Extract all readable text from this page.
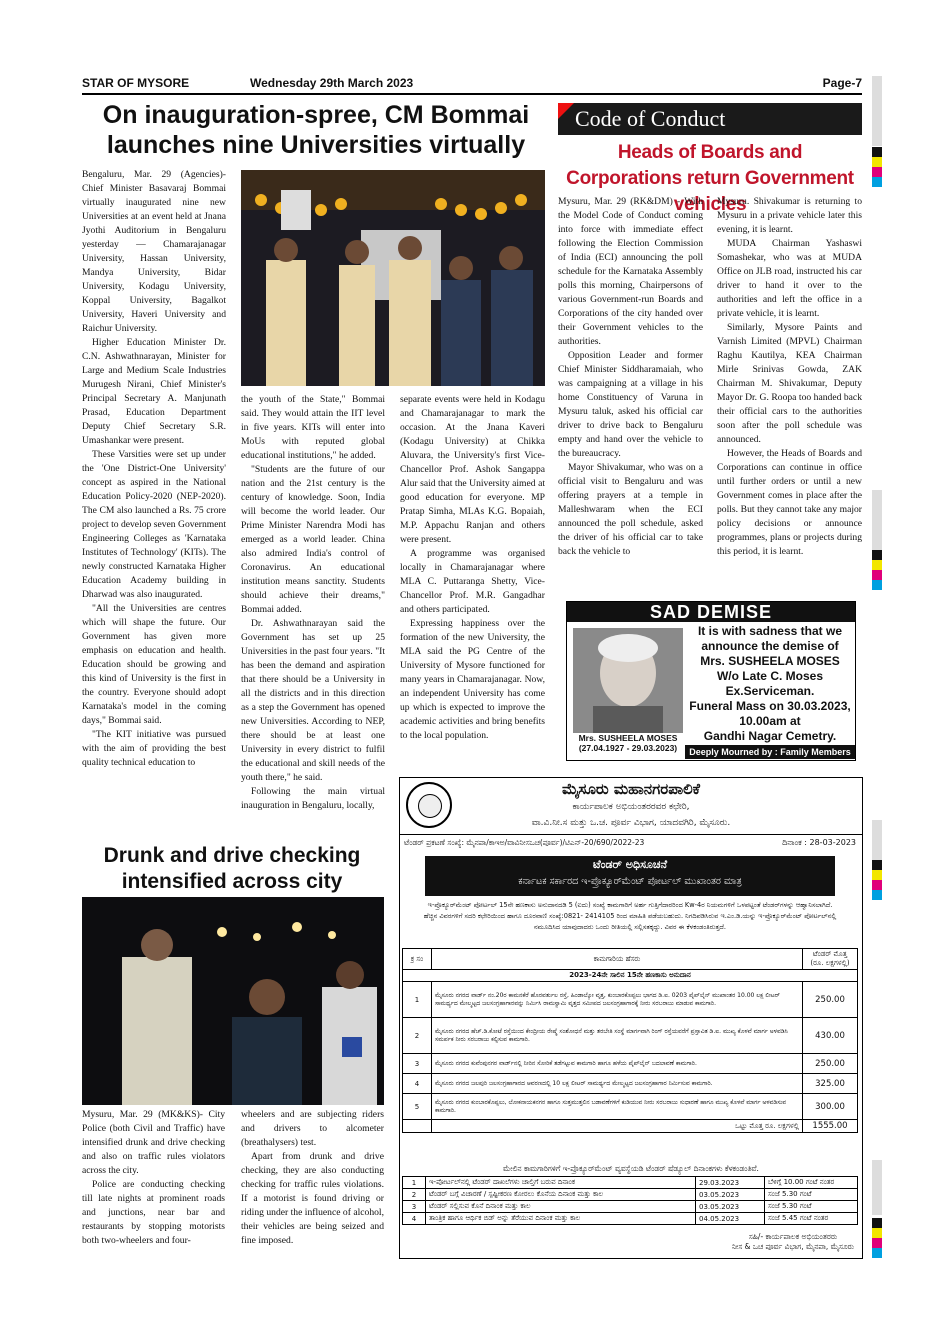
STAR OF MYSORE	Wednesday 29th March 2023	Page-7
On inauguration-spree, CM Bommai launches nine Universities virtually

Bengaluru, Mar. 29 (Agencies)- Chief Minister Basavaraj Bommai virtually inaugurated nine new Universities at an event held at Jnana Jyothi Auditorium in Bengaluru yesterday — Chamarajanagar University, Hassan University, Mandya University, Bidar University, Kodagu University, Koppal University, Bagalkot University, Haveri University and Raichur University.

Higher Education Minister Dr. C.N. Ashwathnarayan, Minister for Large and Medium Scale Industries Murugesh Nirani, Chief Minister's Principal Secretary A. Manjunath Prasad, Education Department Deputy Chief Secretary S.R. Umashankar were present.

These Varsities were set up under the 'One District-One University' concept as aspired in the National Education Policy-2020 (NEP-2020). The CM also launched a Rs. 75 crore project to develop seven Government Engineering Colleges as 'Karnataka Institutes of Technology' (KITs). The newly constructed Karnataka Higher Education Academy building in Dharwad was also inaugurated.

"All the Universities are centres which will shape the future. Our Government has given more emphasis on education and health. Education should be growing and this kind of University is the first in the country. Everyone should adopt Karnataka's model in the coming days," Bommai said.

"The KIT initiative was pursued with the aim of providing the best quality technical education to

the youth of the State," Bommai said. They would attain the IIT level in five years. KITs will enter into MoUs with reputed global educational institutions," he added.

"Students are the future of our nation and the 21st century is the century of knowledge. Soon, India will become the world leader. Our Prime Minister Narendra Modi has emerged as a world leader. China also admired India's control of Coronavirus. An educational institution means sanctity. Students should achieve their dreams," Bommai added.

Dr. Ashwathnarayan said the Government has set up 25 Universities in the past four years. "It has been the demand and aspiration that there should be a University in all the districts and in this direction as a step the Government has opened new Universities. According to NEP, there should be at least one University in every district to fulfil the educational and skill needs of the youth there," he said.

Following the main virtual inauguration in Bengaluru, locally,

separate events were held in Kodagu and Chamarajanagar to mark the occasion. At the Jnana Kaveri (Kodagu University) at Chikka Aluvara, the University's first Vice-Chancellor Prof. Ashok Sangappa Alur said that the University aimed at good education for everyone. MP Pratap Simha, MLAs K.G. Bopaiah, M.P. Appachu Ranjan and others were present.

A programme was organised locally in Chamarajanagar where MLA C. Puttaranga Shetty, Vice-Chancellor Prof. M.R. Gangadhar and others participated.

Expressing happiness over the formation of the new University, the MLA said the PG Centre of the University of Mysore functioned for many years in Chamarajanagar. Now, an independent University has come up which is expected to improve the academic activities and bring benefits to the local population.

Code of Conduct
Heads of Boards and Corporations return Government vehicles

Mysuru, Mar. 29 (RK&DM) - With the Model Code of Conduct coming into force with immediate effect following the Election Commission of India (ECI) announcing the poll schedule for the Karnataka Assembly polls this morning, Chairpersons of various Government-run Boards and Corporations of the city handed over their Government vehicles to the authorities.

Opposition Leader and former Chief Minister Siddharamaiah, who was campaigning at a village in his home Constituency of Varuna in Mysuru taluk, asked his official car driver to drive back to Bengaluru empty and hand over the vehicle to the bureaucracy.

Mayor Shivakumar, who was on a official visit to Bengaluru and was offering prayers at a temple in Malleshwaram when the ECI announced the poll schedule, asked the driver of his official car to take back the vehicle to

Mysuru. Shivakumar is returning to Mysuru in a private vehicle later this evening, it is learnt.

MUDA Chairman Yashaswi Somashekar, who was at MUDA Office on JLB road, instructed his car driver to hand it over to the authorities and left the office in a private vehicle, it is learnt.

Similarly, Mysore Paints and Varnish Limited (MPVL) Chairman Raghu Kautilya, KEA Chairman Mirle Srinivas Gowda, ZAK Chairman M. Shivakumar, Deputy Mayor Dr. G. Roopa too handed back their official cars to the authorities soon after the poll schedule was announced.

However, the Heads of Boards and Corporations can continue in office until further orders or until a new Government comes in place after the polls. But they cannot take any major policy decisions or announce programmes, plans or projects during this period, it is learnt.

SAD DEMISE
Mrs. SUSHEELA MOSES
(27.04.1927 - 29.03.2023)
It is with sadness that we
announce the demise of
Mrs. SUSHEELA MOSES
W/o Late C. Moses
Ex.Serviceman.
Funeral Mass on 30.03.2023,
10.00am at
Gandhi Nagar Cemetry.
Deeply Mourned by : Family Members
Drunk and drive checking intensified across city

Mysuru, Mar. 29 (MK&KS)- City Police (both Civil and Traffic) have intensified drunk and drive checking and also on traffic rules violators across the city.

Police are conducting checking till late nights at prominent roads and junctions, near bar and restaurants by stopping motorists both two-wheelers and four-

wheelers and are subjecting riders and drivers to alcometer (breathalysers) test.

Apart from drunk and drive checking, they are also conducting checking for traffic rules violations. If a motorist is found driving or riding under the influence of alcohol, their vehicles are being seized and fine imposed.

ಮೈಸೂರು ಮಹಾನಗರಪಾಲಿಕೆ
ಕಾರ್ಯಪಾಲಕ ಅಭಿಯಂತರರವರ ಕಛೇರಿ,
ವಾ.ವಿ.ನೀ.ಸ ಮತ್ತು ಒ.ಚ. ಪೂರ್ವ ವಿಭಾಗ, ಯಾದವಗಿರಿ, ಮೈಸೂರು.
ಟೆಂಡರ್ ಪ್ರಕಟಣೆ ಸಂಖ್ಯೆ: ಮೈನಪಾ/ಕಾಇಅ/ವಾವಿನೀಸಒಚ(ಪೂರ್ವ)/ಟಿಎನ್-20/690/2022-23	ದಿನಾಂಕ : 28-03-2023
ಟೆಂಡರ್ ಅಧಿಸೂಚನೆ
ಕರ್ನಾಟಕ ಸರ್ಕಾರದ ಇ-ಪ್ರೊಕ್ಯೂರ್‌ಮೆಂಟ್ ಪೋರ್ಟಲ್ ಮುಖಾಂತರ ಮಾತ್ರ
ಇ-ಪ್ರೊಕ್ಯೂರ್‌ಮೆಂಟ್ ಪೋರ್ಟಲ್ 15ನೇ ಹಣಕಾಸು ಅನುದಾನದಡಿ 5 (ಐದು) ಸಂಖ್ಯೆ ಕಾಮಗಾರಿಗೆ ಅರ್ಹ ಗುತ್ತಿಗೆದಾರರಿಂದ Kw-4ರ ನಿಯಮಗಳಿಗೆ ಒಳಪಟ್ಟಂತೆ ಟೆಂಡರ್‌ಗಳನ್ನು ಆಹ್ವಾನಿಸಲಾಗಿದೆ. ಹೆಚ್ಚಿನ ವಿವರಗಳಿಗೆ ಸದರಿ ಕಛೇರಿಯಿಂದ ಹಾಗೂ ದೂರವಾಣಿ ಸಂಖ್ಯೆ:0821- 2414105 ರಿಂದ ಮಾಹಿತಿ ಪಡೆಯಬಹುದು. ನಿಗದಿಪಡಿಸಿರುವ ಇ.ಎಂ.ಡಿ.ಯನ್ನು ಇ-ಪ್ರೊಕ್ಯೂರ್‌ಮೆಂಟ್ ಪೋರ್ಟಲ್‌ನಲ್ಲಿ ನಮೂದಿಸಿದ ಯಾವುದಾದರು ಒಂದು ರೀತಿಯಲ್ಲಿ ಸಲ್ಲಿಸತಕ್ಕದ್ದು. ವಿವರ ಈ ಕೆಳಕಂಡಂತಿರುತ್ತದೆ.
ಕ್ರ ಸಂ	ಕಾಮಗಾರಿಯ ಹೆಸರು	ಟೆಂಡರ್ ಮೊತ್ತ (ರೂ. ಲಕ್ಷಗಳಲ್ಲಿ)
2023-24ನೇ ಸಾಲಿನ 15ನೇ ಹಣಕಾಸು ಅನುದಾನ		
1	ಮೈಸೂರು ನಗರದ ವಾರ್ಡ್ ನಂ.20ರ ಕಾಮನಕೆರೆ ಹೊರವರ್ತುಲ ರಸ್ತೆ, ಹಿಂಡಾಲ್ಕೋ ವೃತ್ತ, ಕುಂಬಾರಕೊಪ್ಪಲು ಭಾಗದ ಡಿ.ಐ. 0203 ಪೈಪ್‌ಲೈನ್ ಮುಖಾಂತರ 10.00 ಲಕ್ಷ ಲೀಟರ್ ಸಾಮರ್ಥ್ಯದ ಮೇಲ್ಮಟ್ಟದ ಜಲಸಂಗ್ರಹಾಗಾರವನ್ನು ನಿರ್ಮಿಸಿ ರಾಮಸ್ವಾಮಿ ವೃತ್ತದ ಸಮೀಪದ ಜಲಸಂಗ್ರಹಾಗಾರಕ್ಕೆ ನೀರು ಸರಬರಾಜು ಮಾಡುವ ಕಾಮಗಾರಿ.	250.00
2	ಮೈಸೂರು ನಗರದ ಹೆಚ್.ಡಿ.ಕೋಟೆ ರಸ್ತೆಯಿಂದ ಕೇಂದ್ರೀಯ ರೇಷ್ಮೆ ಸಂಶೋಧನೆ ಮತ್ತು ತರಬೇತಿ ಸಂಸ್ಥೆ ಮಾರ್ಗವಾಗಿ ರಿಂಗ್ ರಸ್ತೆಯವರೆಗೆ ಪ್ರಸ್ತಾವಿತ ಡಿ.ಐ. ಮುಖ್ಯ ಕೊಳವೆ ಮಾರ್ಗ ಅಳವಡಿಸಿ ಸಮರ್ಪಕ ನೀರು ಸರಬರಾಜು ಕಲ್ಪಿಸುವ ಕಾಮಗಾರಿ.	430.00
3	ಮೈಸೂರು ನಗರದ ಕುವೆಂಪುನಗರ ವಾರ್ಡ್‌ನಲ್ಲಿ ನೀರಿನ ಸೋರಿಕೆ ತಡೆಗಟ್ಟುವ ಕಾಮಗಾರಿ ಹಾಗೂ ಹಳೆಯ ಪೈಪ್‌ಲೈನ್ ಬದಲಾವಣೆ ಕಾಮಗಾರಿ.	250.00
4	ಮೈಸೂರು ನಗರದ ಜಲಪುರಿ ಜಲಸಂಗ್ರಹಾಗಾರದ ಆವರಣದಲ್ಲಿ 10 ಲಕ್ಷ ಲೀಟರ್ ಸಾಮರ್ಥ್ಯದ ಮೇಲ್ಮಟ್ಟದ ಜಲಸಂಗ್ರಹಾಗಾರ ನಿರ್ಮಿಸುವ ಕಾಮಗಾರಿ.	325.00
5	ಮೈಸೂರು ನಗರದ ಕುಂಬಾರಕೊಪ್ಪಲು, ಲೋಕನಾಯಕನಗರ ಹಾಗೂ ಸುತ್ತಮುತ್ತಲಿನ ಬಡಾವಣೆಗಳಿಗೆ ಕುಡಿಯುವ ನೀರು ಸರಬರಾಜು ಸುಧಾರಣೆ ಹಾಗೂ ಮುಖ್ಯ ಕೊಳವೆ ಮಾರ್ಗ ಅಳವಡಿಸುವ ಕಾಮಗಾರಿ.	300.00
	ಒಟ್ಟು ಮೊತ್ತ ರೂ. ಲಕ್ಷಗಳಲ್ಲಿ	1555.00
ಮೇಲಿನ ಕಾಮಗಾರಿಗಳಿಗೆ ಇ-ಪ್ರೊಕ್ಯೂರ್‌ಮೆಂಟ್ ವ್ಯವಸ್ಥೆಯಡಿ ಟೆಂಡರ್ ಷೆಡ್ಯೂಲ್ ದಿನಾಂಕಗಳು ಕೆಳಕಂಡಂತಿವೆ.
1	ಇ-ಪೋರ್ಟಲ್‌ನಲ್ಲಿ ಟೆಂಡರ್ ದಾಖಲೆಗಳು ಚಾಲ್ತಿಗೆ ಬರುವ ದಿನಾಂಕ	29.03.2023	ಬೆಳಿಗ್ಗೆ 10.00 ಗಂಟೆ ನಂತರ
2	ಟೆಂಡರ್ ಬಗ್ಗೆ ವಿಚಾರಣೆ / ಸ್ಪಷ್ಟೀಕರಣ ಕೋರಲು ಕೊನೆಯ ದಿನಾಂಕ ಮತ್ತು ಕಾಲ	03.05.2023	ಸಂಜೆ 5.30 ಗಂಟೆ
3	ಟೆಂಡರ್ ಸಲ್ಲಿಸುವ ಕೊನೆ ದಿನಾಂಕ ಮತ್ತು ಕಾಲ	03.05.2023	ಸಂಜೆ 5.30 ಗಂಟೆ
4	ತಾಂತ್ರಿಕ ಹಾಗೂ ಆರ್ಥಿಕ ಬಿಡ್ ಅನ್ನು ತೆರೆಯುವ ದಿನಾಂಕ ಮತ್ತು ಕಾಲ	04.05.2023	ಸಂಜೆ 5.45 ಗಂಟೆ ನಂತರ
ಸಹಿ/- ಕಾರ್ಯಪಾಲಕ ಅಭಿಯಂತರರು
ನೀಸ & ಒಚ ಪೂರ್ವ ವಿಭಾಗ, ಮೈನಪಾ, ಮೈಸೂರು
